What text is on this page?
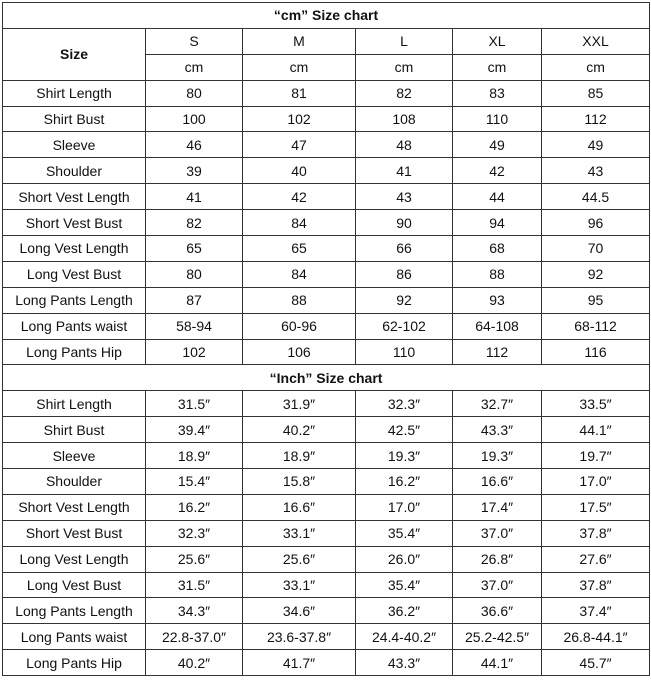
“cm” Size chart					
Size	S	M	L	XL	XXL
	cm	cm	cm	cm	cm
Shirt Length	80	81	82	83	85
Shirt Bust	100	102	108	110	112
Sleeve	46	47	48	49	49
Shoulder	39	40	41	42	43
Short Vest Length	41	42	43	44	44.5
Short Vest Bust	82	84	90	94	96
Long Vest Length	65	65	66	68	70
Long Vest Bust	80	84	86	88	92
Long Pants Length	87	88	92	93	95
Long Pants waist	58-94	60-96	62-102	64-108	68-112
Long Pants Hip	102	106	110	112	116
“Inch” Size chart					
Shirt Length	31.5″	31.9″	32.3″	32.7″	33.5″
Shirt Bust	39.4″	40.2″	42.5″	43.3″	44.1″
Sleeve	18.9″	18.9″	19.3″	19.3″	19.7″
Shoulder	15.4″	15.8″	16.2″	16.6″	17.0″
Short Vest Length	16.2″	16.6″	17.0″	17.4″	17.5″
Short Vest Bust	32.3″	33.1″	35.4″	37.0″	37.8″
Long Vest Length	25.6″	25.6″	26.0″	26.8″	27.6″
Long Vest Bust	31.5″	33.1″	35.4″	37.0″	37.8″
Long Pants Length	34.3″	34.6″	36.2″	36.6″	37.4″
Long Pants waist	22.8-37.0″	23.6-37.8″	24.4-40.2″	25.2-42.5″	26.8-44.1″
Long Pants Hip	40.2″	41.7″	43.3″	44.1″	45.7″
